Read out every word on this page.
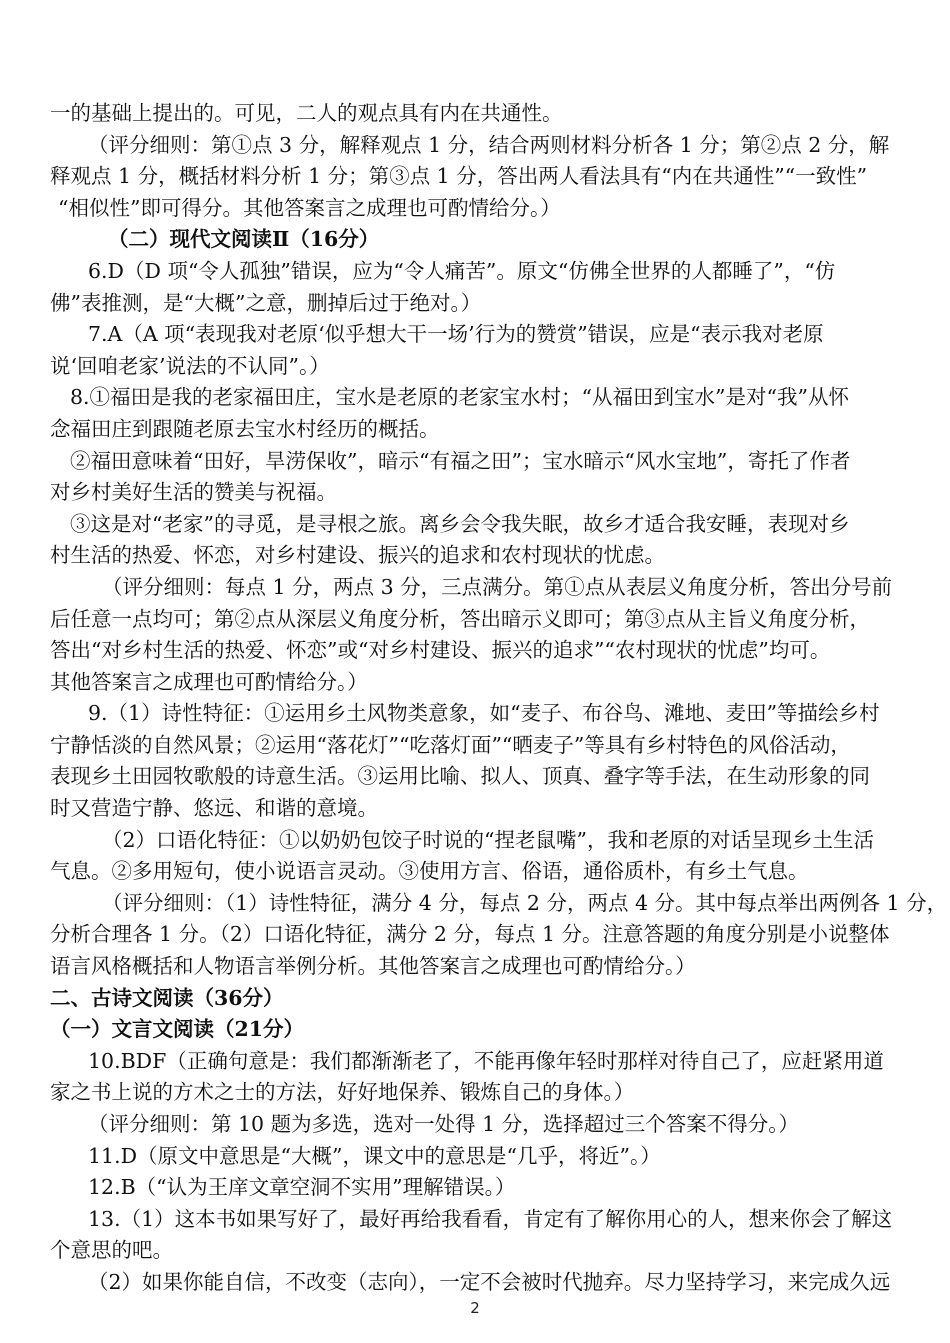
一的基础上提出的。可见，二人的观点具有内在共通性。
（评分细则：第①点 3 分，解释观点 1 分，结合两则材料分析各 1 分；第②点 2 分，解
释观点 1 分，概括材料分析 1 分；第③点 1 分，答出两人看法具有“内在共通性”“一致性”
“相似性”即可得分。其他答案言之成理也可酌情给分。）
（二）现代文阅读Ⅱ（16分）
6.D（D 项“令人孤独”错误，应为“令人痛苦”。原文“仿佛全世界的人都睡了”，“仿
佛”表推测，是“大概”之意，删掉后过于绝对。）
7.A（A 项“表现我对老原‘似乎想大干一场’行为的赞赏”错误，应是“表示我对老原
说‘回咱老家’说法的不认同”。）
8.①福田是我的老家福田庄，宝水是老原的老家宝水村；“从福田到宝水”是对“我”从怀
念福田庄到跟随老原去宝水村经历的概括。
②福田意味着“田好，旱涝保收”，暗示“有福之田”；宝水暗示“风水宝地”，寄托了作者
对乡村美好生活的赞美与祝福。
③这是对“老家”的寻觅，是寻根之旅。离乡会令我失眠，故乡才适合我安睡，表现对乡
村生活的热爱、怀恋，对乡村建设、振兴的追求和农村现状的忧虑。
（评分细则：每点 1 分，两点 3 分，三点满分。第①点从表层义角度分析，答出分号前
后任意一点均可；第②点从深层义角度分析，答出暗示义即可；第③点从主旨义角度分析，
答出“对乡村生活的热爱、怀恋”或“对乡村建设、振兴的追求”“农村现状的忧虑”均可。
其他答案言之成理也可酌情给分。）
9.（1）诗性特征：①运用乡土风物类意象，如“麦子、布谷鸟、滩地、麦田”等描绘乡村
宁静恬淡的自然风景；②运用“落花灯”“吃落灯面”“晒麦子”等具有乡村特色的风俗活动，
表现乡土田园牧歌般的诗意生活。③运用比喻、拟人、顶真、叠字等手法，在生动形象的同
时又营造宁静、悠远、和谐的意境。
（2）口语化特征：①以奶奶包饺子时说的“捏老鼠嘴”，我和老原的对话呈现乡土生活
气息。②多用短句，使小说语言灵动。③使用方言、俗语，通俗质朴，有乡土气息。
（评分细则：（1）诗性特征，满分 4 分，每点 2 分，两点 4 分。其中每点举出两例各 1 分，
分析合理各 1 分。（2）口语化特征，满分 2 分，每点 1 分。注意答题的角度分别是小说整体
语言风格概括和人物语言举例分析。其他答案言之成理也可酌情给分。）
二、古诗文阅读（36分）
（一）文言文阅读（21分）
10.BDF（正确句意是：我们都渐渐老了，不能再像年轻时那样对待自己了，应赶紧用道
家之书上说的方术之士的方法，好好地保养、锻炼自己的身体。）
（评分细则：第 10 题为多选，选对一处得 1 分，选择超过三个答案不得分。）
11.D（原文中意思是“大概”，课文中的意思是“几乎，将近”。）
12.B（“认为王庠文章空洞不实用”理解错误。）
13.（1）这本书如果写好了，最好再给我看看，肯定有了解你用心的人，想来你会了解这
个意思的吧。
（2）如果你能自信，不改变（志向），一定不会被时代抛弃。尽力坚持学习，来完成久远
2
